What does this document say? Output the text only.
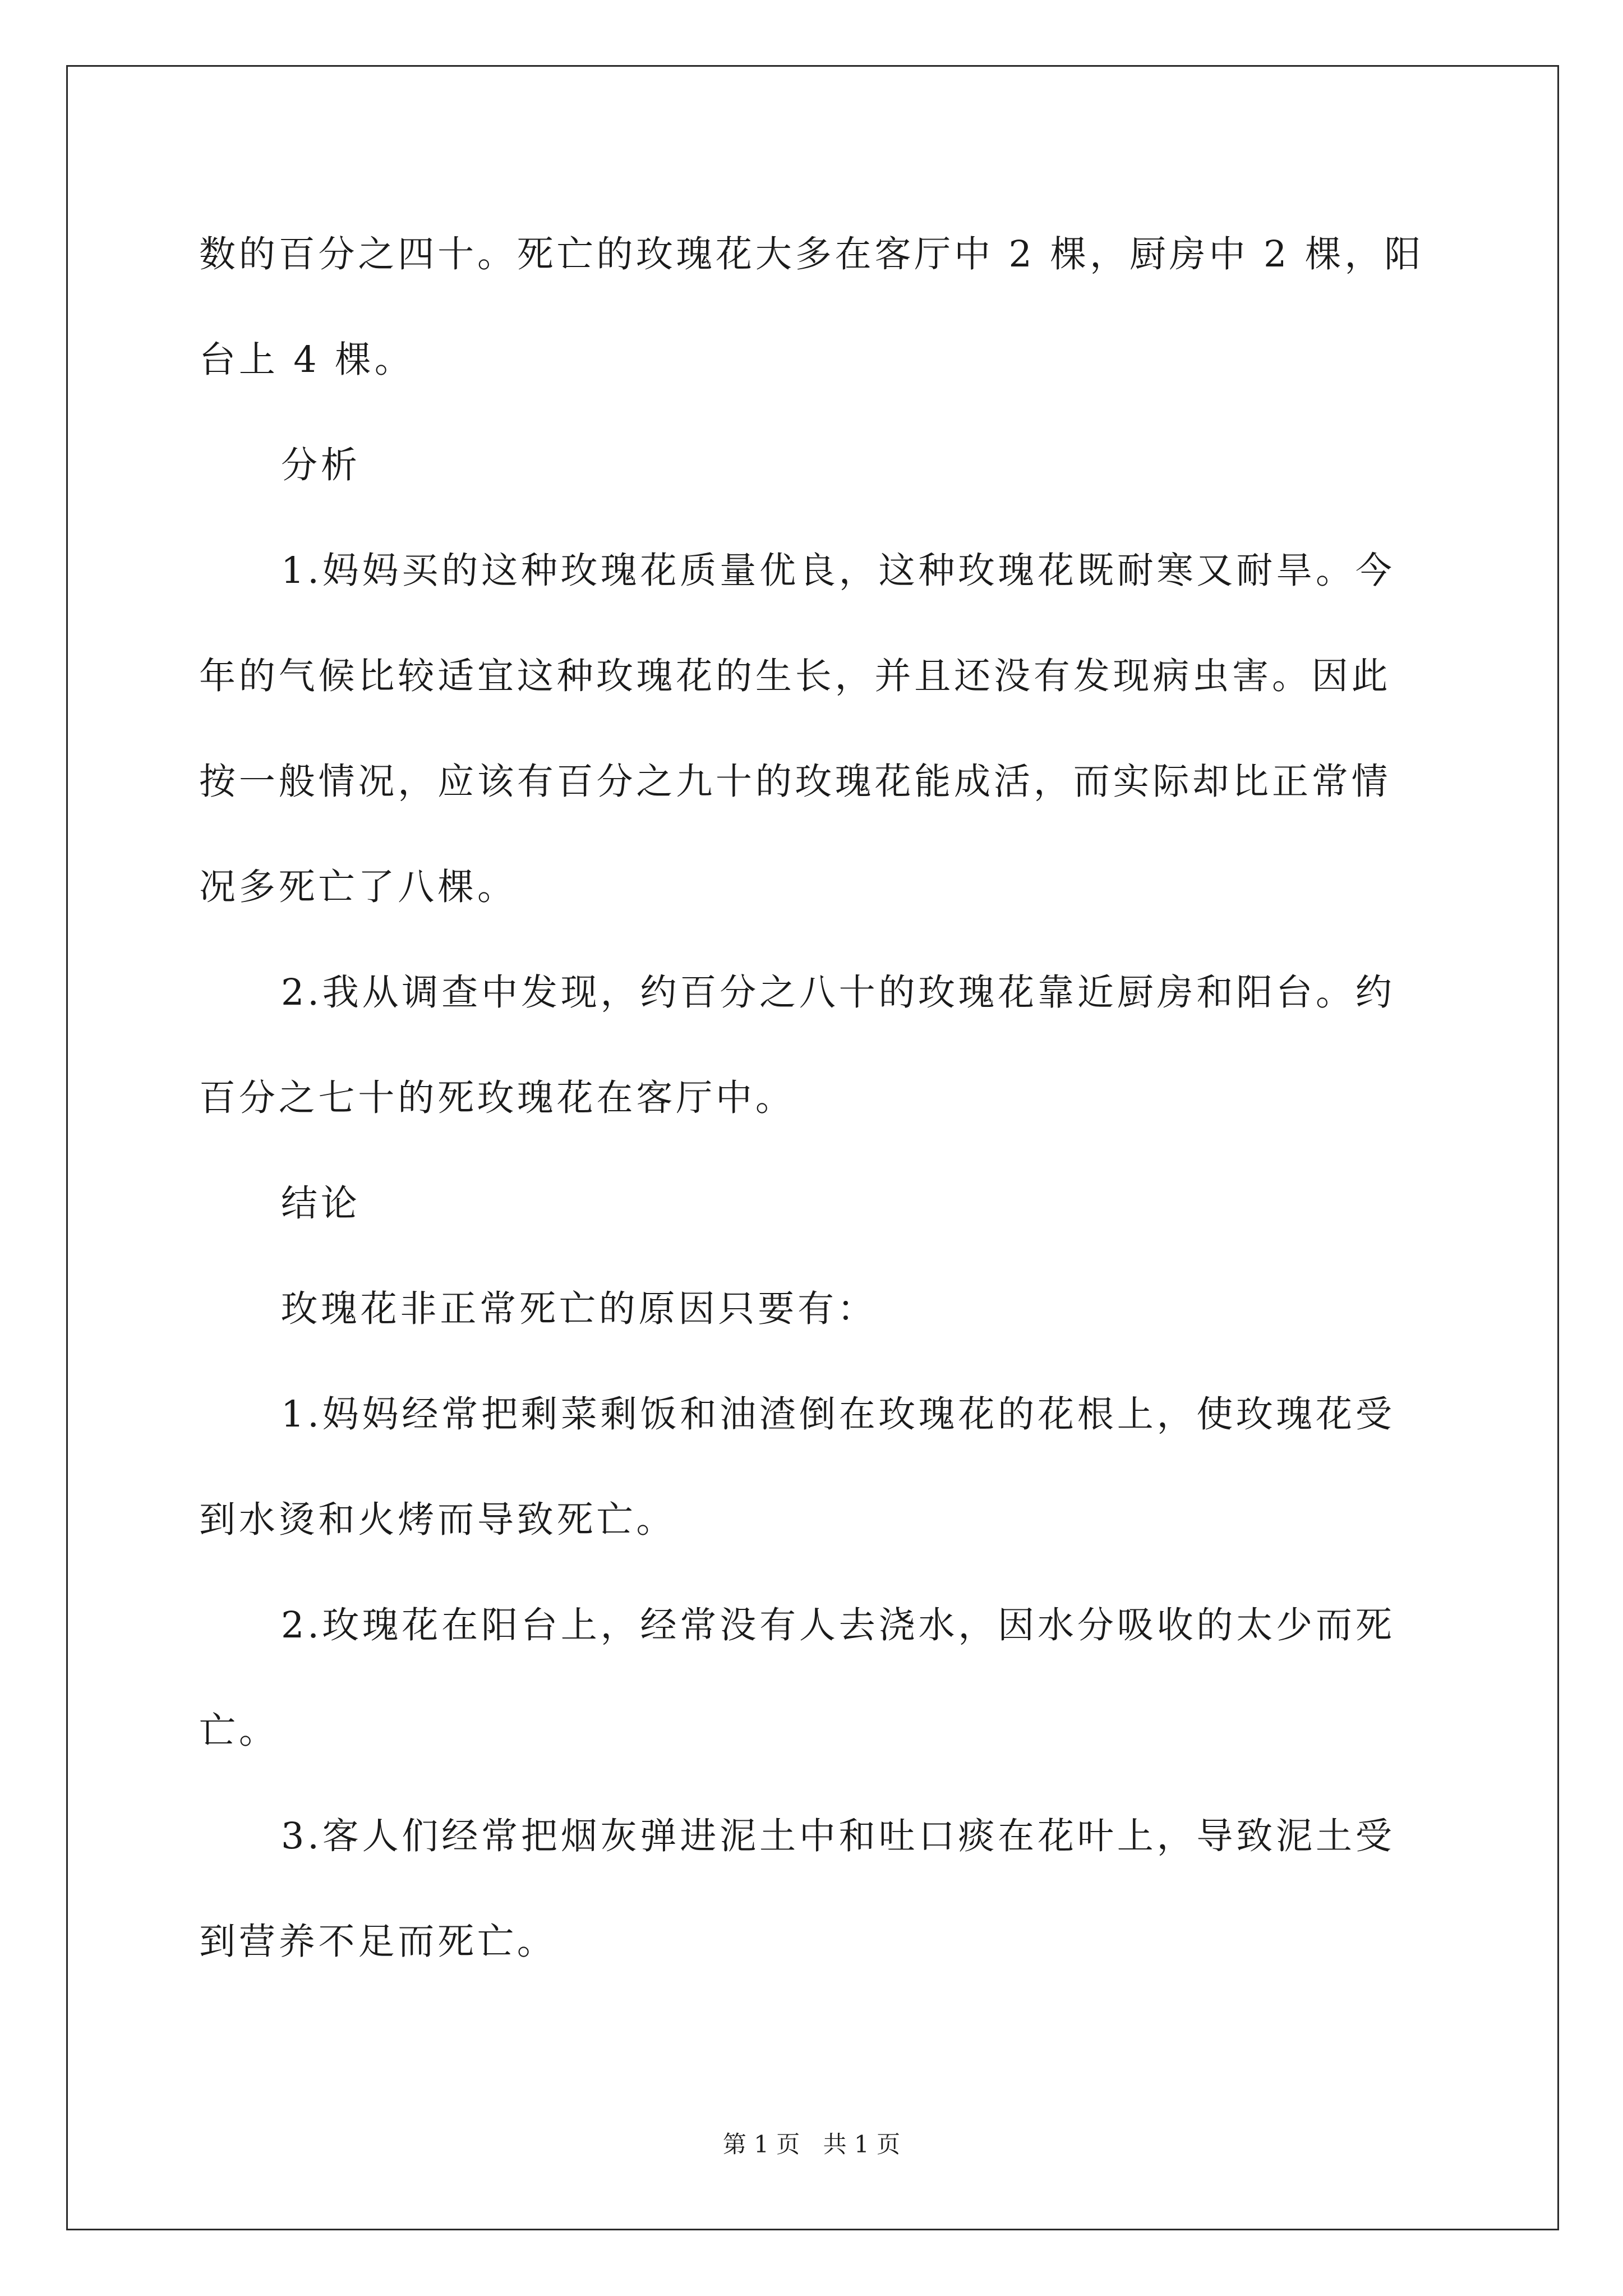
数的百分之四十。死亡的玫瑰花大多在客厅中 2 棵，厨房中 2 棵，阳
台上 4 棵。

分析

1.妈妈买的这种玫瑰花质量优良，这种玫瑰花既耐寒又耐旱。今
年的气候比较适宜这种玫瑰花的生长，并且还没有发现病虫害。因此
按一般情况，应该有百分之九十的玫瑰花能成活，而实际却比正常情
况多死亡了八棵。

2.我从调查中发现，约百分之八十的玫瑰花靠近厨房和阳台。约
百分之七十的死玫瑰花在客厅中。

结论

玫瑰花非正常死亡的原因只要有：

1.妈妈经常把剩菜剩饭和油渣倒在玫瑰花的花根上，使玫瑰花受
到水烫和火烤而导致死亡。

2.玫瑰花在阳台上，经常没有人去浇水，因水分吸收的太少而死
亡。

3.客人们经常把烟灰弹进泥土中和吐口痰在花叶上，导致泥土受
到营养不足而死亡。

第 1 页 共 1 页
